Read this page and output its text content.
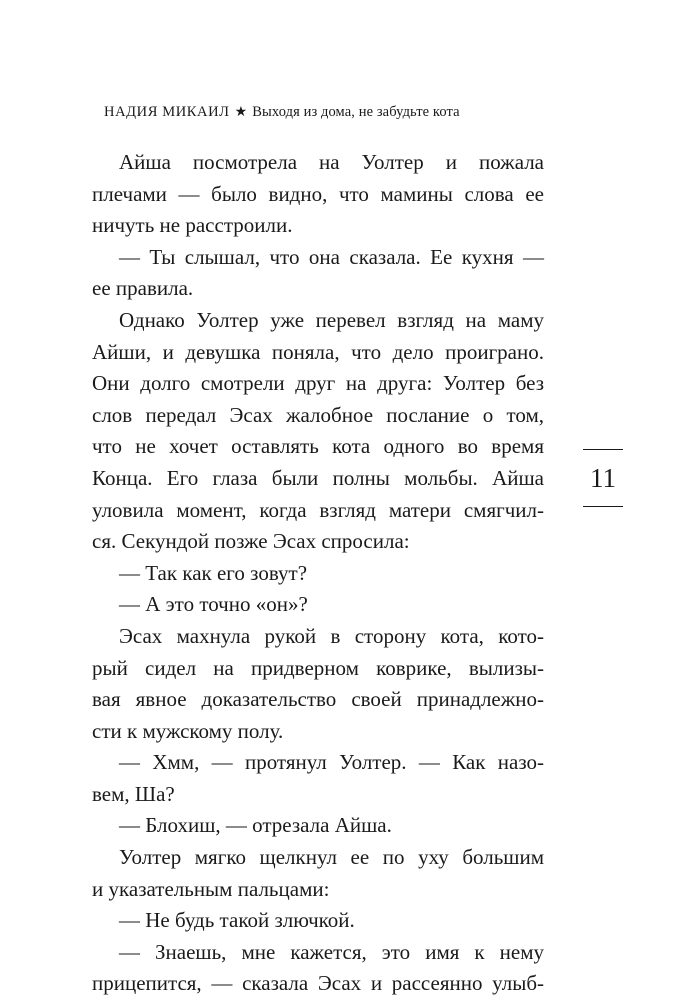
НАДИЯ МИКАИЛ ★ Выходя из дома, не забудьте кота
Айша посмотрела на Уолтер и пожала
плечами — было видно, что мамины слова ее
ничуть не расстроили.
— Ты слышал, что она сказала. Ее кухня —
ее правила.
Однако Уолтер уже перевел взгляд на маму
Айши, и девушка поняла, что дело проиграно.
Они долго смотрели друг на друга: Уолтер без
слов передал Эсах жалобное послание о том,
что не хочет оставлять кота одного во время
Конца. Его глаза были полны мольбы. Айша
уловила момент, когда взгляд матери смягчил-
ся. Секундой позже Эсах спросила:
— Так как его зовут?
— А это точно «он»?
Эсах махнула рукой в сторону кота, кото-
рый сидел на придверном коврике, вылизы-
вая явное доказательство своей принадлежно-
сти к мужскому полу.
— Хмм, — протянул Уолтер. — Как назо-
вем, Ша?
— Блохиш, — отрезала Айша.
Уолтер мягко щелкнул ее по уху большим
и указательным пальцами:
— Не будь такой злючкой.
— Знаешь, мне кажется, это имя к нему
прицепится, — сказала Эсах и рассеянно улыб-
11
